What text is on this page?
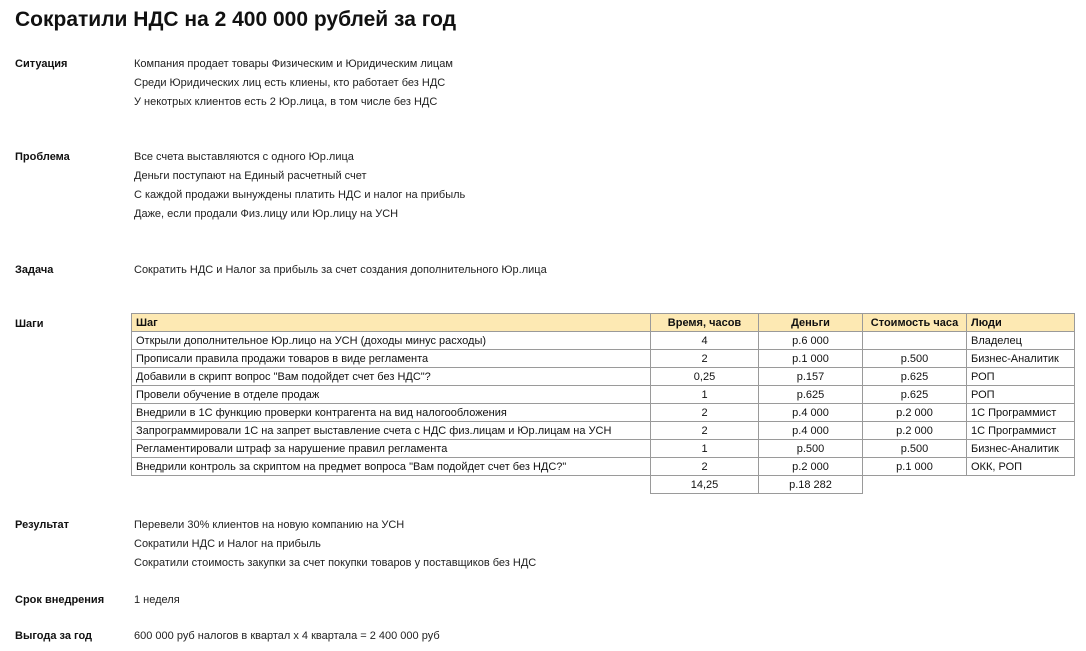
Сократили НДС на 2 400 000 рублей за год
Ситуация	Компания продает товары Физическим и Юридическим лицам
Среди Юридических лиц есть клиены, кто работает без НДС
У некотрых клиентов есть 2 Юр.лица, в том числе без НДС
Проблема	Все счета выставляются с одного Юр.лица
Деньги поступают на Единый расчетный счет
С каждой продажи вынуждены платить НДС и налог на прибыль
Даже, если продали Физ.лицу или Юр.лицу на УСН
Задача	Сократить НДС и Налог за прибыль за счет создания дополнительного Юр.лица
Шаги	Шаг	Время, часов	Деньги	Стоимость часа	Люди
Открыли дополнительное Юр.лицо на УСН (доходы минус расходы)	4	р.6 000		Владелец
Прописали правила продажи товаров в виде регламента	2	р.1 000	р.500	Бизнес-Аналитик
Добавили в скрипт вопрос "Вам подойдет счет без НДС"?	0,25	р.157	р.625	РОП
Провели обучение в отделе продаж	1	р.625	р.625	РОП
Внедрили в 1С функцию проверки контрагента на вид налогообложения	2	р.4 000	р.2 000	1С Программист
Запрограммировали 1С на запрет выставление счета с НДС физ.лицам и Юр.лицам на УСН	2	р.4 000	р.2 000	1С Программист
Регламентировали штраф за нарушение правил регламента	1	р.500	р.500	Бизнес-Аналитик
Внедрили контроль за скриптом на предмет вопроса "Вам подойдет счет без НДС?"	2	р.2 000	р.1 000	ОКК, РОП
	14,25	р.18 282		
Результат	Перевели 30% клиентов на новую компанию на УСН
Сократили НДС и Налог на прибыль
Сократили стоимость закупки за счет покупки товаров у поставщиков без НДС
Срок внедрения	1 неделя
Выгода за год	600 000 руб налогов в квартал х 4 квартала = 2 400 000 руб
